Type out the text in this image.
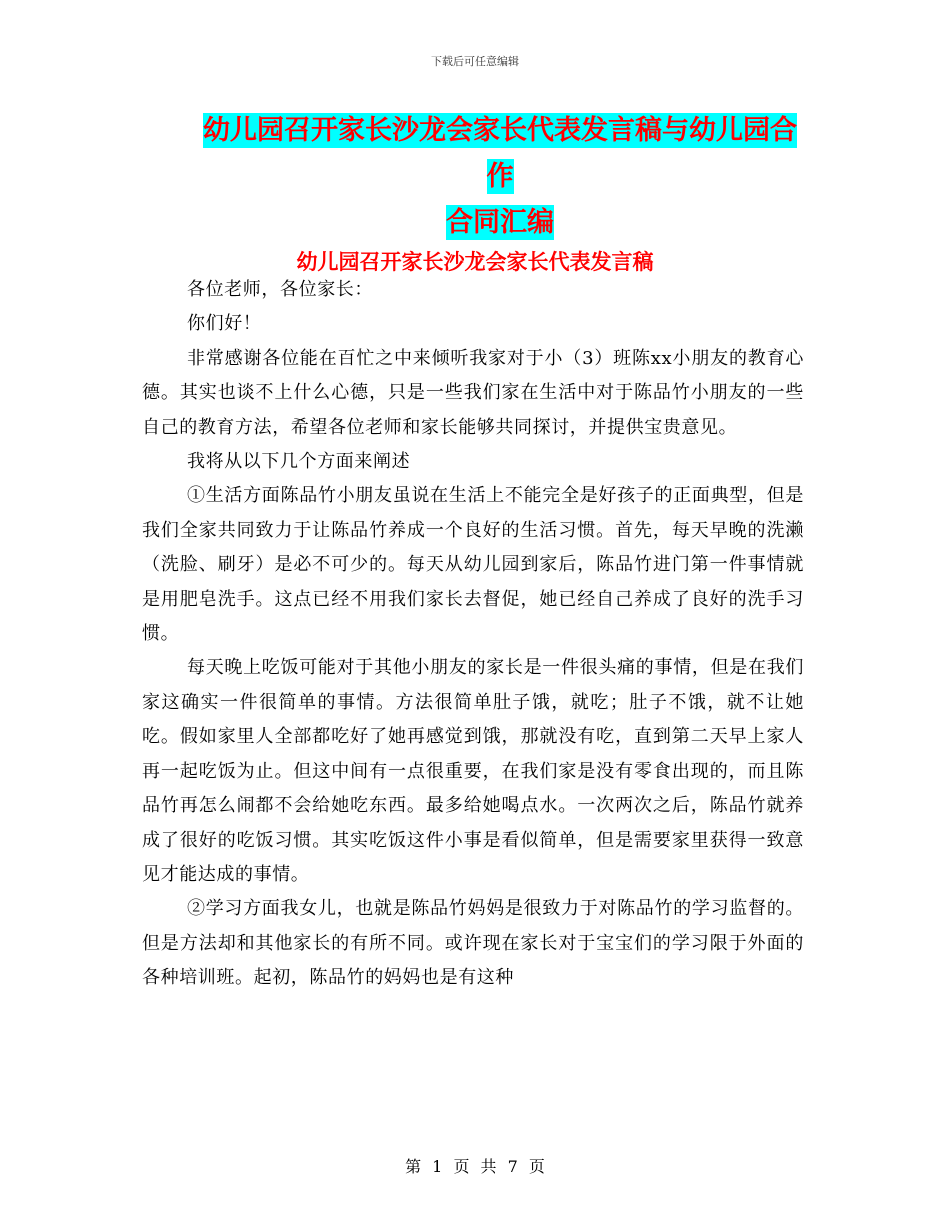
下载后可任意编辑
幼儿园召开家长沙龙会家长代表发言稿与幼儿园合作
合同汇编
幼儿园召开家长沙龙会家长代表发言稿

各位老师，各位家长：

你们好！

非常感谢各位能在百忙之中来倾听我家对于小（3）班陈xx小朋友的教育心德。其实也谈不上什么心德，只是一些我们家在生活中对于陈品竹小朋友的一些自己的教育方法，希望各位老师和家长能够共同探讨，并提供宝贵意见。

我将从以下几个方面来阐述

①生活方面陈品竹小朋友虽说在生活上不能完全是好孩子的正面典型，但是我们全家共同致力于让陈品竹养成一个良好的生活习惯。首先，每天早晚的洗濑（洗脸、刷牙）是必不可少的。每天从幼儿园到家后，陈品竹进门第一件事情就是用肥皂洗手。这点已经不用我们家长去督促，她已经自己养成了良好的洗手习惯。

每天晚上吃饭可能对于其他小朋友的家长是一件很头痛的事情，但是在我们家这确实一件很简单的事情。方法很简单肚子饿，就吃；肚子不饿，就不让她吃。假如家里人全部都吃好了她再感觉到饿，那就没有吃，直到第二天早上家人再一起吃饭为止。但这中间有一点很重要，在我们家是没有零食出现的，而且陈品竹再怎么闹都不会给她吃东西。最多给她喝点水。一次两次之后，陈品竹就养成了很好的吃饭习惯。其实吃饭这件小事是看似简单，但是需要家里获得一致意见才能达成的事情。

②学习方面我女儿，也就是陈品竹妈妈是很致力于对陈品竹的学习监督的。但是方法却和其他家长的有所不同。或许现在家长对于宝宝们的学习限于外面的各种培训班。起初，陈品竹的妈妈也是有这种

第 1 页 共 7 页
